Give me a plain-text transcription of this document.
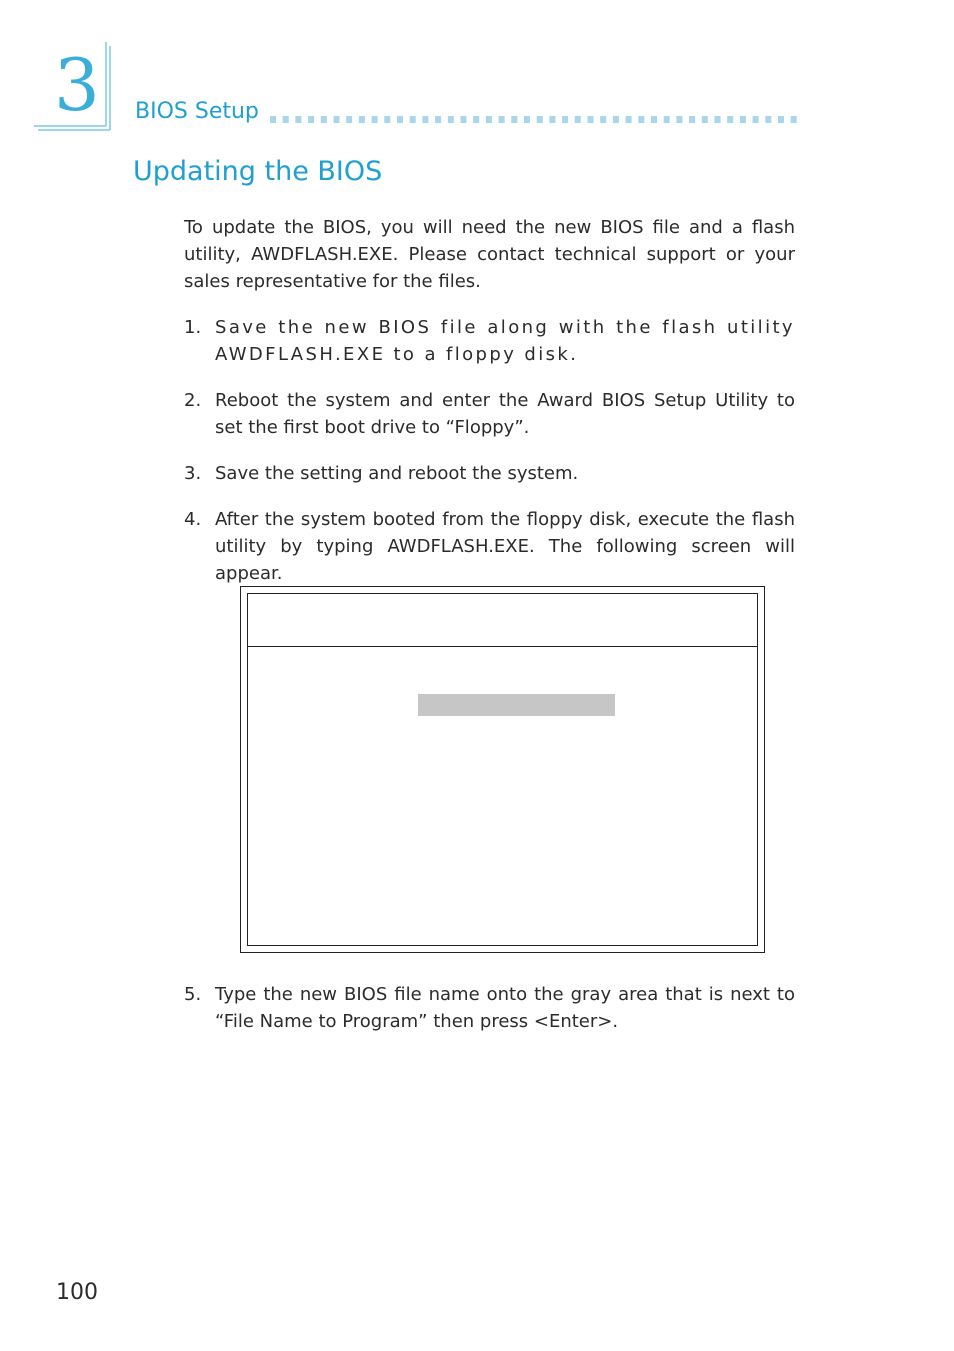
3 BIOS Setup
Updating the BIOS

To update the BIOS, you will need the new BIOS file and a flash utility, AWDFLASH.EXE. Please contact technical support or your sales representative for the files.

1. Save the new BIOS file along with the flash utility AWDFLASH.EXE to a floppy disk.
2. Reboot the system and enter the Award BIOS Setup Utility to set the first boot drive to “Floppy”.
3. Save the setting and reboot the system.
4. After the system booted from the floppy disk, execute the flash utility by typing AWDFLASH.EXE. The following screen will appear.
5. Type the new BIOS file name onto the gray area that is next to “File Name to Program” then press <Enter>.
100
